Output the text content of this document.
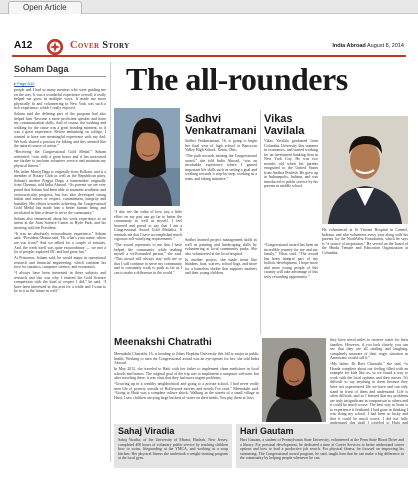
Open Article
A12	Cover Story	India Abroad August 8, 2014
Soham Daga
▸ Page A10

people and I had so many mentors who were guiding me on the way. It was a wonderful experience overall; it really helped me grow in multiple ways. It made me more physically fit and volunteering in New York was such a rich experience, which I really enjoyed.

Soham said the defining part of the program had also helped him “become a more proficient speaker and hone my communication skills. And of course, the working and walking for the cause was a great bonding moment, so it was a great experience. Before embarking on college, I wanted to have one meaningful experience with my dad. We both shared a passion for hiking and this seemed like the natural course of action.”

“Receiving the Congressional Gold Medal,” Soham reiterated, “was truly a great honor and it has motivated me further to perform volunteer service and maintain my physical fitness.”

His father Manoj Daga is originally from Kolkata, and is a member of Rotary Club as well as the Republican party. Soham's mother Pragya Daga, a homemaker originally from Chennai, told India Abroad, “As parents we are very proud that Soham had been able to maintain academic and extracurricular progress, but has also developed strong habits and values of respect, commitment, integrity and humility. His efforts towards achieving the Congressional Gold Medal has made him a better human being and inculcated in him a desire to serve the community.”

Soham also reminisced about his work experience as an intern at the Joint Science Center in Hyde Park, and his meeting with the President.

“It was an absolutely extraordinary experience,” Soham said. “President Obama said, 'Hi, what's your name, where are you from?' And we talked for a couple of minutes. And, the week itself was quite extraordinary — we met a lot of people, explored DC and had great fun.”

At Princeton, Soham said, he would major in operational research and financial engineering, which combine his love for statistics, computer science, and economics.

“I always have been interested in these subjects and research and this was why I entered the Gold Science competition with the kind of respect I did,” he said. “I have been interested in this area for a while and I want to be in it in the future as well.”

The all-rounders
Sadhvi
Venkatramani

Sadhvi Venkatramani, 16, is going to begin her final year of high school at Rancocas Valley High School, Xenia, Ohio.

“The path towards earning the Congressional award,” she told India Abroad, “was an invaluable experience where I gained important life skills such as setting a goal and working towards it step-by-step, working as a team, and taking initiative.”

“I also see the value of how just a little effort on my part can go far to better the community as well as myself. I feel honored and proud to say that I am a Congressional Award Gold Medalist. It reminds me that I have accomplished much vigorous self-satisfying requirements.”

“The award represents to me that I have helped the community while making myself a well-rounded person,” she said. “This award will always stay with me so that I will continue to serve my community and to constantly work to push as far as I can to make a difference in the world.”

Sadhvi learned project management skills as well as painting and landscaping skills by volunteering at local community parks. She also volunteered at the local hospital.

In another project, she made items like blankets, hats, scarves, school bags, and more for a homeless shelter that supports mothers and their young children.

Vikas
Vavilala

Vikas Vavilala graduated from Columbia University this summer in economics, and started working for an investment banking firm in New York City. He was two months old when his parents emigrated to the United States from Andhra Pradesh. He grew up in Indianapolis, Indiana, and was introduced to public service by his parents in middle school.

“Congressional award has been an incredible journey for me and my family,” Vikas said. “The award has been integral part of my holistic development. I hope more and more young people of this country will take advantage of this truly rewarding opportunity.”

He volunteered at St Vincent Hospital in Carmel, Indiana, and also volunteers every year along with his parents for the NorthWest Foundation, which he says is “a source of inspiration.” He served on the board of the Hindu Temple and Education Organization at Columbia.

Meenakshi Chatrathi

Meenakshi Chatrathi, 16, is heading to Johns Hopkins University this fall to major in public health. Working to earn the Congressional award was an eye-opener for her, she told India Abroad.

In May 2012, she traveled to Haiti with her father to implement clean medicines in local schools and homes. The original goal of the trip was to implement a computer software, but after traveling there, it was clear that they had more urgent problems.

“Growing up in a wealthy neighborhood and going to a private school, I had never really seen life of poverty outside of Hollywood movies and novels I've read,” Meenakshi said. “Going to Haiti was a complete culture shock. Walking in the streets of a small village in Haiti, I saw children carrying large buckets of water on their heads. You pity them at first;

they have travel miles to retrieve water for their families. However, if you look closely, you can see that they are all smiling and laughing, completely unaware of their tragic situation as Americans would call it.”

“My father, Dr Ravi Chatrathi,” she said, “is Honda complete about our feeling filled with an example for kids like us, so we found a way to work with the local orphans and their nurses. It's difficult to say anything to them because they have not experienced life we have and can only stand in front of them and understand. Life is often difficult, and so I learned that my problems are truly insignificant in comparison to others and it could be much worse. The best way to learn is to experience it firsthand. I had gone in thinking I was doing my school. I had been so lucky and that it could be much worse. I did not fully

Sahaj Viradia

Sahaj Viradia, of the University of Miami, Hialeah, New Jersey, completed 400 hours of voluntary public service by teaching children how to swim, lifeguarding at the YMCA, and working at a soup kitchen. Her physical fitness she undertook a weight-training program at the local gym.

Hari Gautam

Hari Gautam, a student of Pennsylvania State University, volunteered at the Penn State Blood Drive and a library. For personal development, he dedicated a time at Career Services to better understand career options and how to lead a productive job search. For physical fitness, he focused on improving his swimming. The Congressional award program, he said, taught him that he can make a big difference in the community by helping people whenever he can.
